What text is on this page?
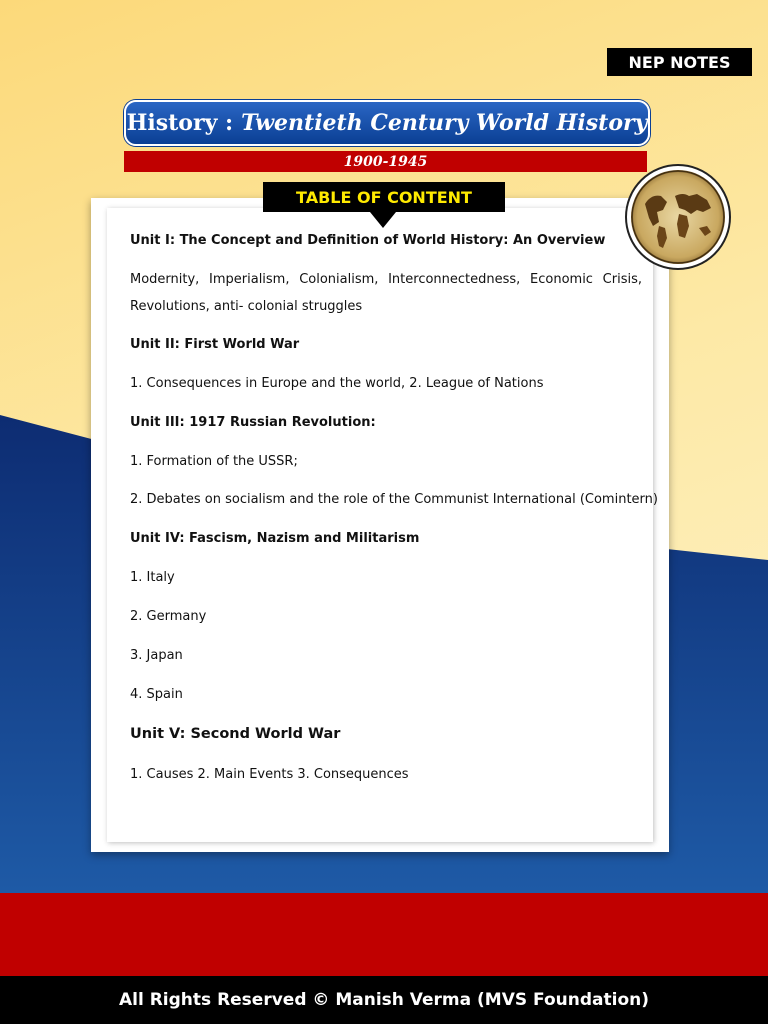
NEP NOTES
History : Twentieth Century World History
1900-1945
TABLE OF CONTENT
Unit I: The Concept and Definition of World History: An Overview
Modernity, Imperialism, Colonialism, Interconnectedness, Economic Crisis, Revolutions, anti- colonial struggles
Unit II: First World War
1. Consequences in Europe and the world, 2. League of Nations
Unit III: 1917 Russian Revolution:
1. Formation of the USSR;
2. Debates on socialism and the role of the Communist International (Comintern)
Unit IV: Fascism, Nazism and Militarism
1. Italy
2. Germany
3. Japan
4. Spain
Unit V: Second World War
1. Causes 2. Main Events 3. Consequences
All Rights Reserved © Manish Verma (MVS Foundation)
